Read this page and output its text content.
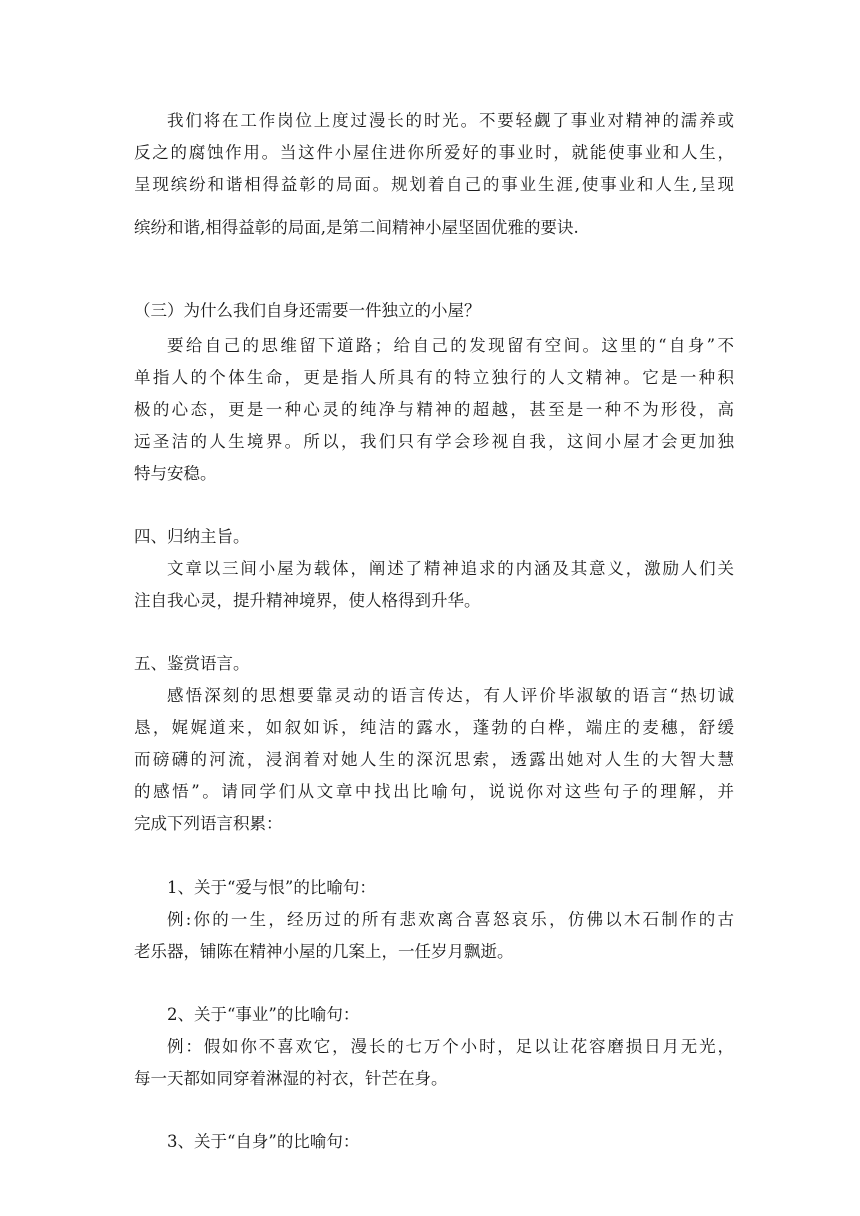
我们将在工作岗位上度过漫长的时光。不要轻觑了事业对精神的濡养或
反之的腐蚀作用。当这件小屋住进你所爱好的事业时，就能使事业和人生，
呈现缤纷和谐相得益彰的局面。规划着自己的事业生涯,使事业和人生,呈现
缤纷和谐,相得益彰的局面,是第二间精神小屋坚固优雅的要诀.
（三）为什么我们自身还需要一件独立的小屋？
要给自己的思维留下道路；给自己的发现留有空间。这里的“自身”不
单指人的个体生命，更是指人所具有的特立独行的人文精神。它是一种积
极的心态，更是一种心灵的纯净与精神的超越，甚至是一种不为形役，高
远圣洁的人生境界。所以，我们只有学会珍视自我，这间小屋才会更加独
特与安稳。
四、归纳主旨。
文章以三间小屋为载体，阐述了精神追求的内涵及其意义，激励人们关
注自我心灵，提升精神境界，使人格得到升华。
五、鉴赏语言。
感悟深刻的思想要靠灵动的语言传达，有人评价毕淑敏的语言“热切诚
恳，娓娓道来，如叙如诉，纯洁的露水，蓬勃的白桦，端庄的麦穗，舒缓
而磅礴的河流，浸润着对她人生的深沉思索，透露出她对人生的大智大慧
的感悟”。请同学们从文章中找出比喻句，说说你对这些句子的理解，并
完成下列语言积累：
1、关于“爱与恨”的比喻句：
例:你的一生，经历过的所有悲欢离合喜怒哀乐，仿佛以木石制作的古
老乐器，铺陈在精神小屋的几案上，一任岁月飘逝。
2、关于“事业”的比喻句：
例：假如你不喜欢它，漫长的七万个小时，足以让花容磨损日月无光，
每一天都如同穿着淋湿的衬衣，针芒在身。
3、关于“自身”的比喻句：
